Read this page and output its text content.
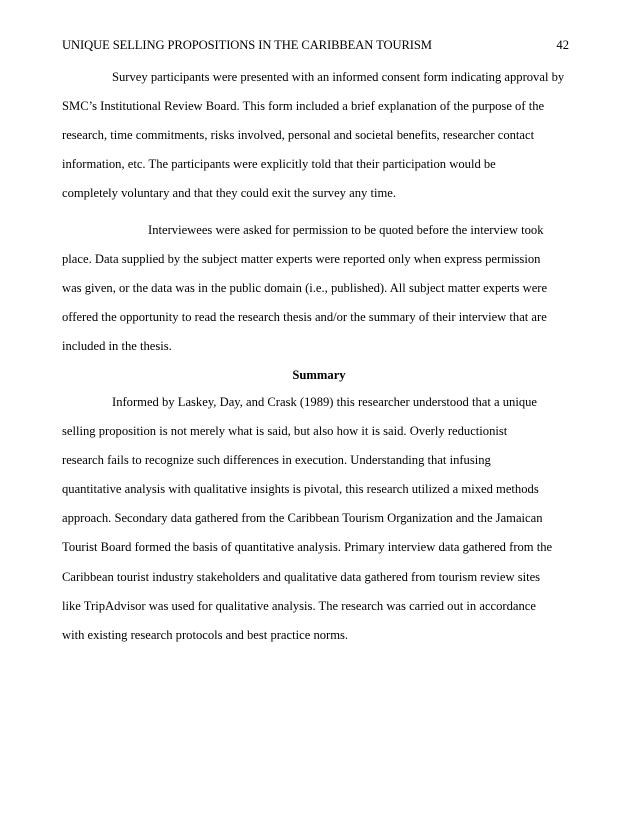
UNIQUE SELLING PROPOSITIONS IN THE CARIBBEAN TOURISM	42

Survey participants were presented with an informed consent form indicating approval by
SMC’s Institutional Review Board. This form included a brief explanation of the purpose of the
research, time commitments, risks involved, personal and societal benefits, researcher contact
information, etc. The participants were explicitly told that their participation would be
completely voluntary and that they could exit the survey any time.

Interviewees were asked for permission to be quoted before the interview took
place. Data supplied by the subject matter experts were reported only when express permission
was given, or the data was in the public domain (i.e., published). All subject matter experts were
offered the opportunity to read the research thesis and/or the summary of their interview that are
included in the thesis.

Summary

Informed by Laskey, Day, and Crask (1989) this researcher understood that a unique
selling proposition is not merely what is said, but also how it is said. Overly reductionist
research fails to recognize such differences in execution. Understanding that infusing
quantitative analysis with qualitative insights is pivotal, this research utilized a mixed methods
approach. Secondary data gathered from the Caribbean Tourism Organization and the Jamaican
Tourist Board formed the basis of quantitative analysis. Primary interview data gathered from the
Caribbean tourist industry stakeholders and qualitative data gathered from tourism review sites
like TripAdvisor was used for qualitative analysis. The research was carried out in accordance
with existing research protocols and best practice norms.
